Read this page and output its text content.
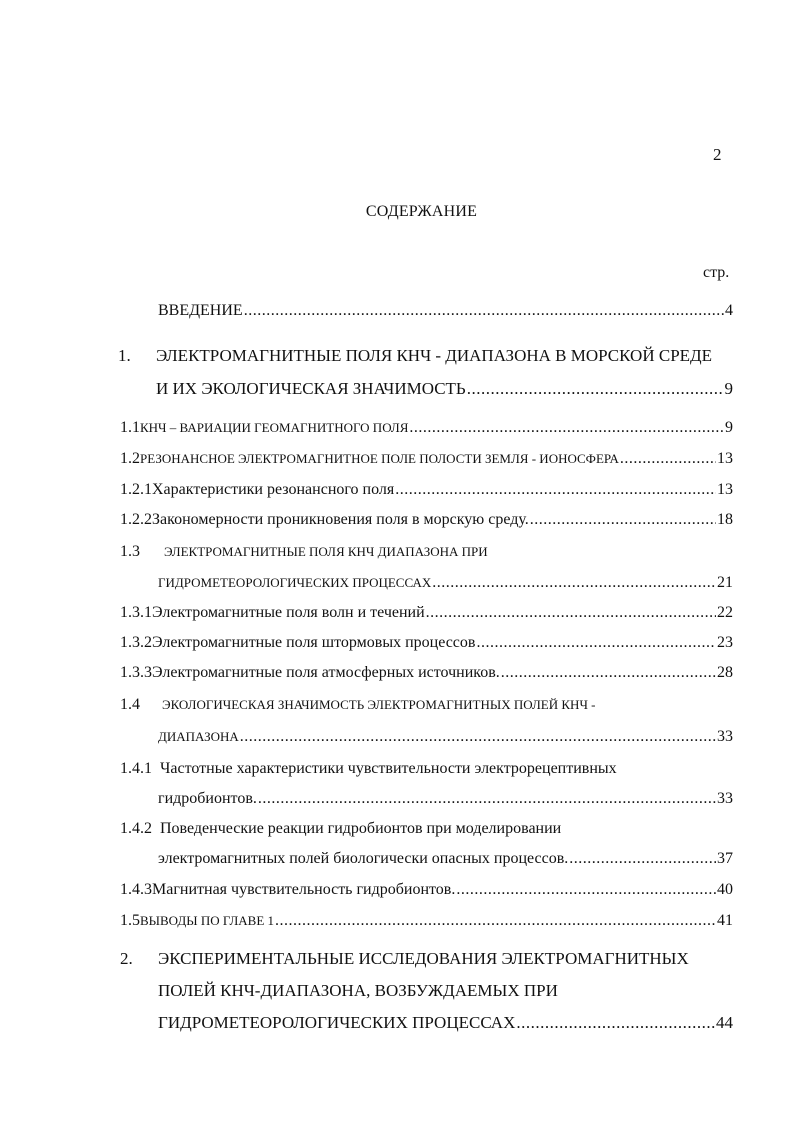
2
СОДЕРЖАНИЕ
стр.
ВВЕДЕНИЕ .....	4
1.	ЭЛЕКТРОМАГНИТНЫЕ ПОЛЯ КНЧ - ДИАПАЗОНА В МОРСКОЙ СРЕДЕ
И ИХ ЭКОЛОГИЧЕСКАЯ ЗНАЧИМОСТЬ .....	9
1.1 КНЧ – ВАРИАЦИИ ГЕОМАГНИТНОГО ПОЛЯ .....	9
1.2 РЕЗОНАНСНОЕ ЭЛЕКТРОМАГНИТНОЕ ПОЛЕ ПОЛОСТИ ЗЕМЛЯ - ИОНОСФЕРА .....	13
1.2.1 Характеристики резонансного поля .....	13
1.2.2 Закономерности проникновения поля в морскую среду. .....	18
1.3	ЭЛЕКТРОМАГНИТНЫЕ ПОЛЯ КНЧ ДИАПАЗОНА ПРИ
ГИДРОМЕТЕОРОЛОГИЧЕСКИХ ПРОЦЕССАХ .....	21
1.3.1 Электромагнитные поля волн и течений .....	22
1.3.2 Электромагнитные поля штормовых процессов .....	23
1.3.3 Электромагнитные поля атмосферных источников. .....	28
1.4	ЭКОЛОГИЧЕСКАЯ ЗНАЧИМОСТЬ ЭЛЕКТРОМАГНИТНЫХ ПОЛЕЙ КНЧ -
ДИАПАЗОНА .....	33
1.4.1 Частотные характеристики чувствительности электрорецептивных
гидробионтов. .....	33
1.4.2 Поведенческие реакции гидробионтов при моделировании
электромагнитных полей биологически опасных процессов. .....	37
1.4.3 Магнитная чувствительность гидробионтов. .....	40
1.5 ВЫВОДЫ ПО ГЛАВЕ 1 .....	41
2.	ЭКСПЕРИМЕНТАЛЬНЫЕ ИССЛЕДОВАНИЯ ЭЛЕКТРОМАГНИТНЫХ
ПОЛЕЙ КНЧ-ДИАПАЗОНА, ВОЗБУЖДАЕМЫХ ПРИ
ГИДРОМЕТЕОРОЛОГИЧЕСКИХ ПРОЦЕССАХ .....	44
